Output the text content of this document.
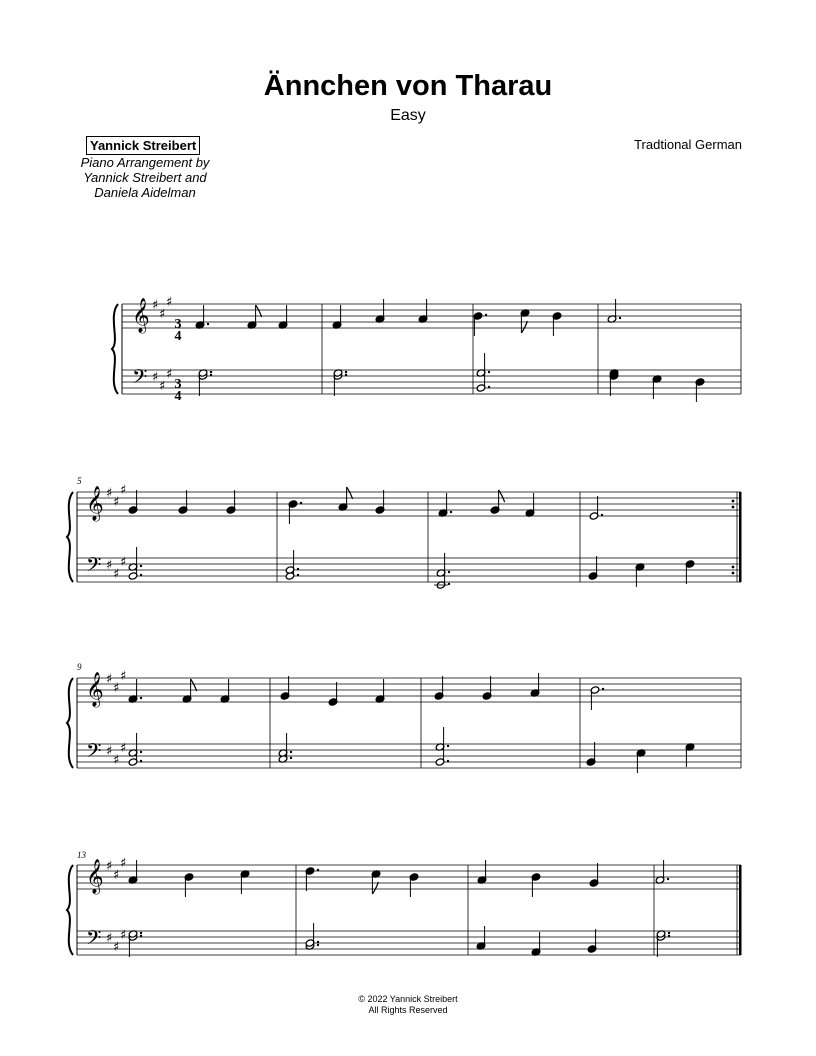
Ännchen von Tharau
Easy
Yannick Streibert
Piano Arrangement by
Yannick Streibert and
Daniela Aidelman
Tradtional German
5
9
13
3
4
3
4
𝄞
𝄢
♯
♯
♯
♯
♯
♯
𝄞
𝄢
♯
♯
♯
♯
♯
♯
𝄞
𝄢
♯
♯
♯
♯
♯
♯
𝄞
𝄢
♯
♯
♯
♯
♯
♯
© 2022 Yannick Streibert
All Rights Reserved
